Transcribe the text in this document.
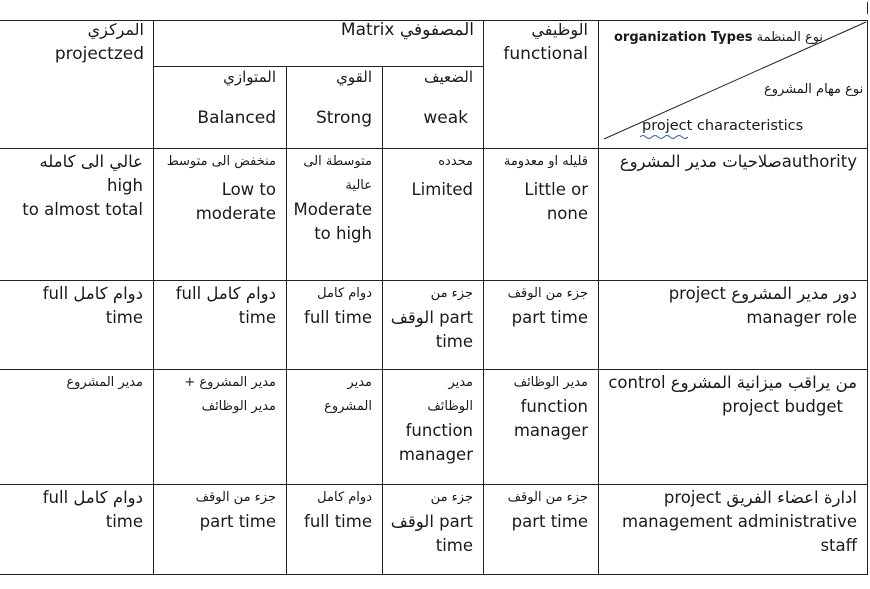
organization Types نوع المنظمة
نوع مهام المشروع
project characteristics
الوظيفي
functional
Matrix المصفوفي
المركزي
projectzed
الضعيف
weak
القوي
Strong
المتوازي
Balanced
authorityصلاحيات مدير المشروع
قليله او معدومة
Little or
none
محدده
Limited
متوسطة الى
عالية
Moderate
to high
منخفض الى متوسط
Low to
moderate
عالي الى كامله high
to almost total
دور مدير المشروع project
manager role
جزء من الوقف
part time
جزء من
part الوقف
time
دوام كامل
full time
دوام كامل full
time
دوام كامل full time
من يراقب ميزانية المشروع control
project budget
مدير الوظائف
function
manager
مدير
الوظائف
function
manager
مدير
المشروع
مدير المشروع +
مدير الوظائف
مدير المشروع
ادارة اعضاء الفريق project
management administrative
staff
جزء من الوقف
part time
جزء من
part الوقف
time
دوام كامل
full time
جزء من الوقف
part time
دوام كامل full time
